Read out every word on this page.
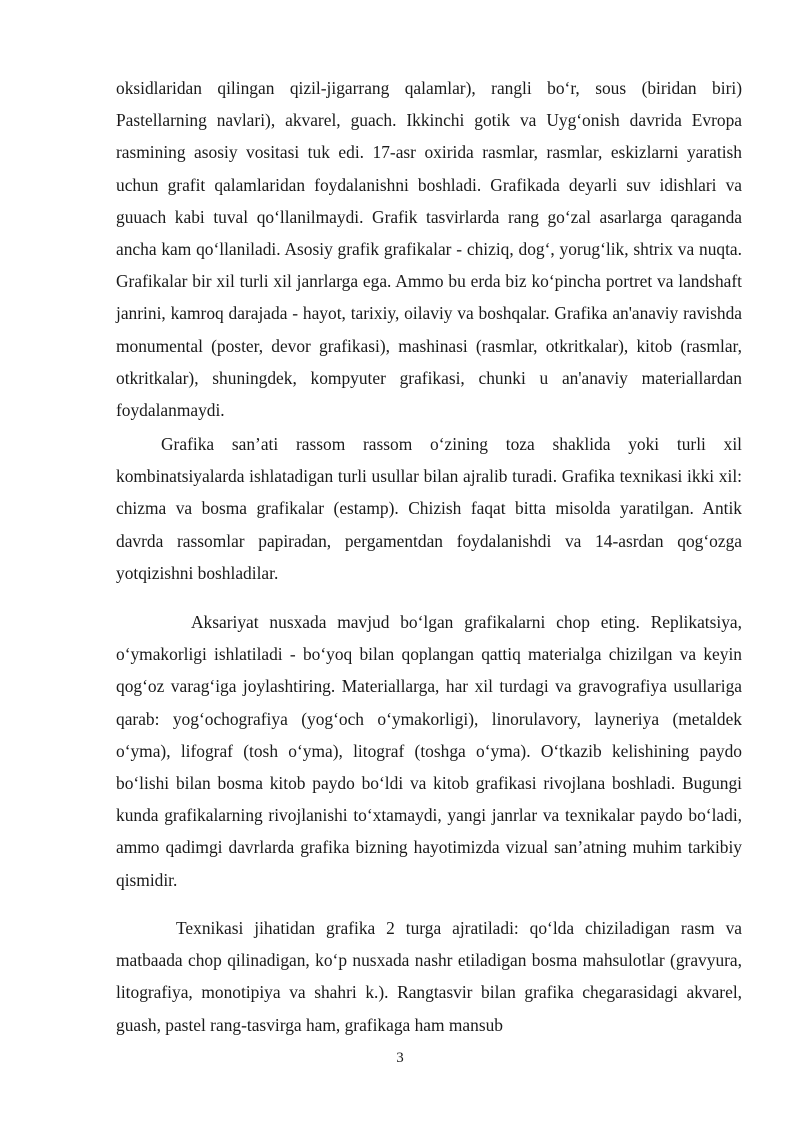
oksidlaridan qilingan qizil-jigarrang qalamlar), rangli bo‘r, sous (biridan biri) Pastellarning navlari), akvarel, guach. Ikkinchi gotik va Uyg‘onish davrida Evropa rasmining asosiy vositasi tuk edi. 17-asr oxirida rasmlar, rasmlar, eskizlarni yaratish uchun grafit qalamlaridan foydalanishni boshladi. Grafikada deyarli suv idishlari va guuach kabi tuval qo‘llanilmaydi. Grafik tasvirlarda rang go‘zal asarlarga qaraganda ancha kam qo‘llaniladi. Asosiy grafik grafikalar - chiziq, dog‘, yorug‘lik, shtrix va nuqta. Grafikalar bir xil turli xil janrlarga ega. Ammo bu erda biz ko‘pincha portret va landshaft janrini, kamroq darajada - hayot, tarixiy, oilaviy va boshqalar. Grafika an'anaviy ravishda monumental (poster, devor grafikasi), mashinasi (rasmlar, otkritkalar), kitob (rasmlar, otkritkalar), shuningdek, kompyuter grafikasi, chunki u an'anaviy materiallardan foydalanmaydi.

Grafika san’ati rassom rassom o‘zining toza shaklida yoki turli xil kombinatsiyalarda ishlatadigan turli usullar bilan ajralib turadi. Grafika texnikasi ikki xil: chizma va bosma grafikalar (estamp). Chizish faqat bitta misolda yaratilgan. Antik davrda rassomlar papiradan, pergamentdan foydalanishdi va 14-asrdan qog‘ozga yotqizishni boshladilar.

Aksariyat nusxada mavjud bo‘lgan grafikalarni chop eting. Replikatsiya, o‘ymakorligi ishlatiladi - bo‘yoq bilan qoplangan qattiq materialga chizilgan va keyin qog‘oz varag‘iga joylashtiring. Materiallarga, har xil turdagi va gravografiya usullariga qarab: yog‘ochografiya (yog‘och o‘ymakorligi), linorulavory, layneriya (metaldek o‘yma), lifograf (tosh o‘yma), litograf (toshga o‘yma). O‘tkazib kelishining paydo bo‘lishi bilan bosma kitob paydo bo‘ldi va kitob grafikasi rivojlana boshladi. Bugungi kunda grafikalarning rivojlanishi to‘xtamaydi, yangi janrlar va texnikalar paydo bo‘ladi, ammo qadimgi davrlarda grafika bizning hayotimizda vizual san’atning muhim tarkibiy qismidir.

Texnikasi jihatidan grafika 2 turga ajratiladi: qo‘lda chiziladigan rasm va matbaada chop qilinadigan, ko‘p nusxada nashr etiladigan bosma mahsulotlar (gravyura, litografiya, monotipiya va shahri k.). Rangtasvir bilan grafika chegarasidagi akvarel, guash, pastel rang-tasvirga ham, grafikaga ham mansub

3
